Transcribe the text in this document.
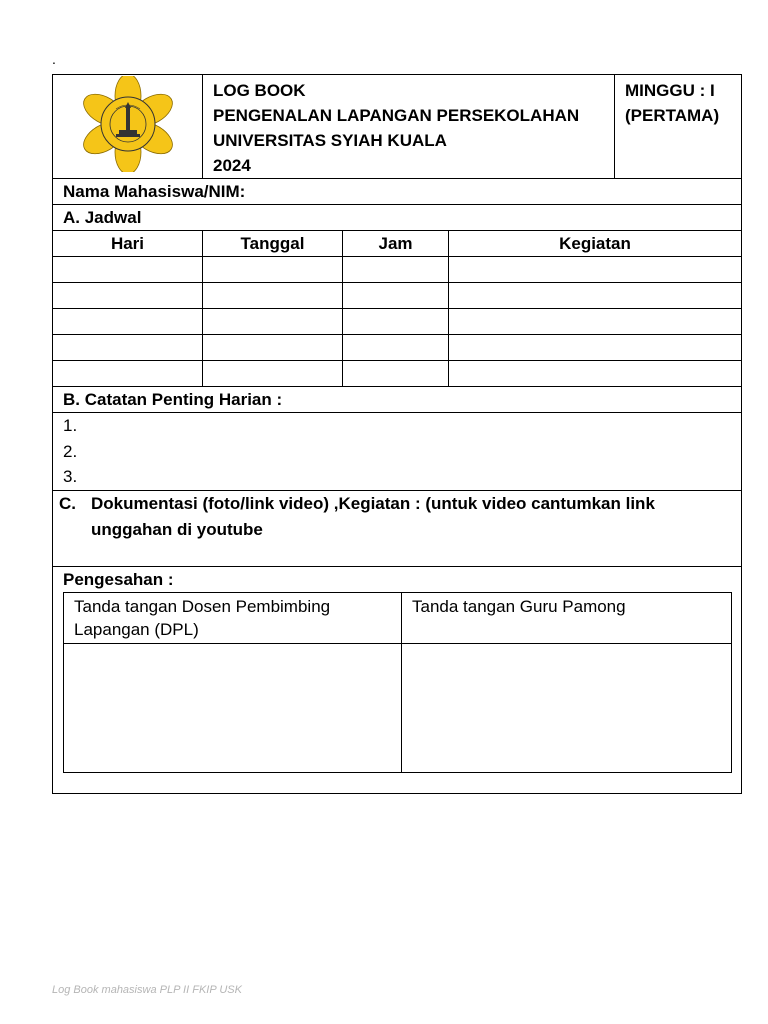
.

LOG BOOK
PENGENALAN LAPANGAN PERSEKOLAHAN
UNIVERSITAS SYIAH KUALA
2024

MINGGU : I
(PERTAMA)

Nama Mahasiswa/NIM:
A. Jadwal
Hari	Tanggal	Jam	Kegiatan

B. Catatan Penting Harian :

1.
2.
3.

C. Dokumentasi (foto/link video) ,Kegiatan : (untuk video cantumkan link unggahan di youtube

Pengesahan :
Tanda tangan Dosen Pembimbing Lapangan (DPL)	Tanda tangan Guru Pamong

Log Book mahasiswa PLP II FKIP USK
